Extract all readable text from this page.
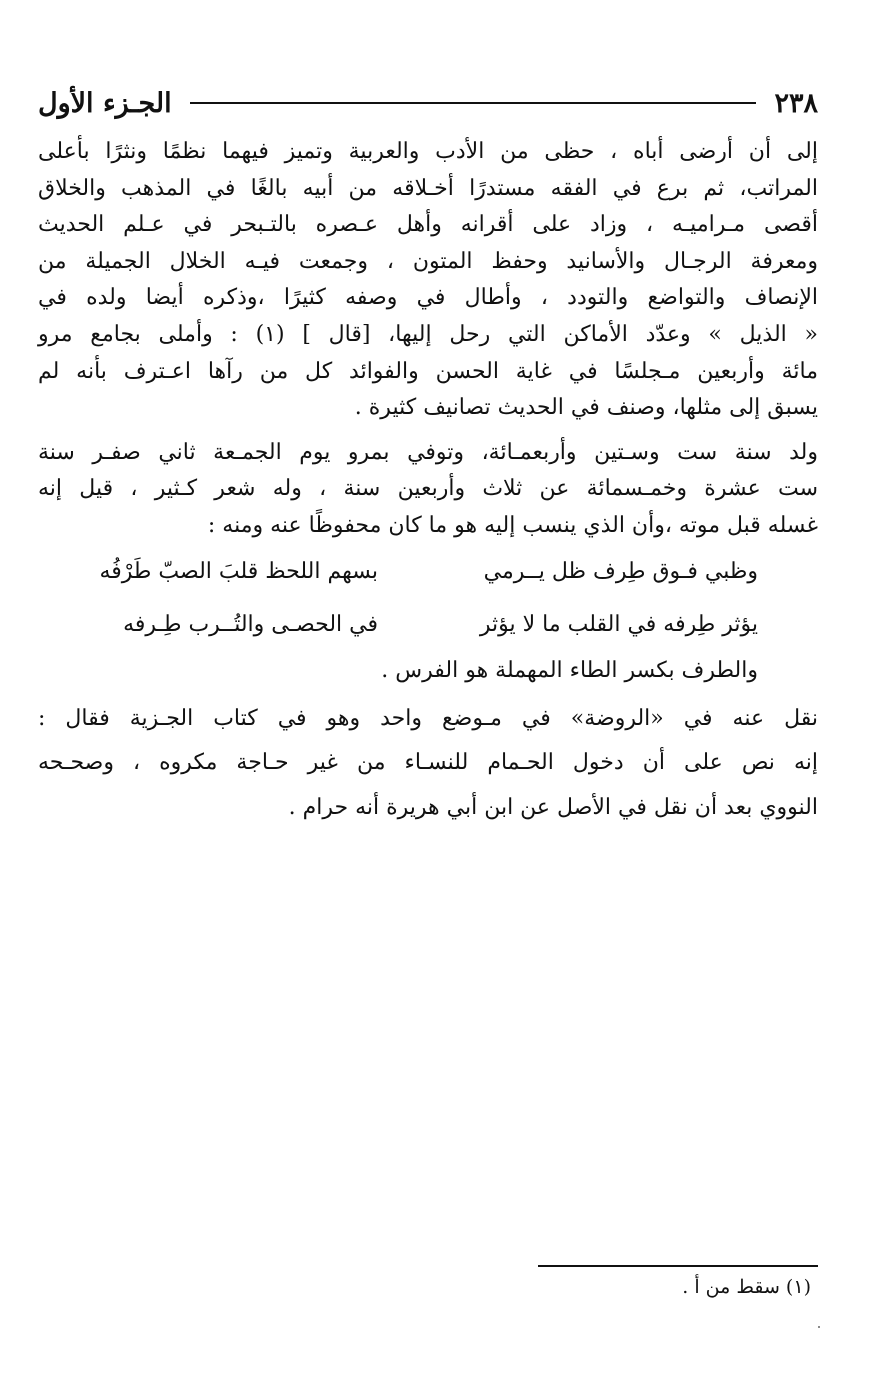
٢٣٨
الجـزء الأول

إلى أن أرضى أباه ، حظى من الأدب والعربية وتميز فيهما نظمًا ونثرًا بأعلى
المراتب، ثم برع في الفقه مستدرًا أخـلاقه من أبيه بالغًا في المذهب والخلاق
أقصى مـراميـه ، وزاد على أقرانه وأهل عـصره بالتـبحر في عـلم الحديث
ومعرفة الرجـال والأسانيد وحفظ المتون ، وجمعت فيـه الخلال الجميلة من
الإنصاف والتواضع والتودد ، وأطال في وصفه كثيرًا ،وذكره أيضا ولده في
« الذيل » وعدّد الأماكن التي رحل إليها، [قال ] (١) : وأملى بجامع مرو
مائة وأربعين مـجلسًا في غاية الحسن والفوائد كل من رآها اعـترف بأنه لم
يسبق إلى مثلها، وصنف في الحديث تصانيف كثيرة .

ولد سنة ست وسـتين وأربعمـائة، وتوفي بمرو يوم الجمـعة ثاني صفـر سنة
ست عشرة وخمـسمائة عن ثلاث وأربعين سنة ، وله شعر كـثير ، قيل إنه
غسله قبل موته ،وأن الذي ينسب إليه هو ما كان محفوظًا عنه ومنه :

وظبي فـوق طِرف ظل يــرمي
بسهم اللحظ قلبَ الصبّ طَرْفُه
يؤثر طِرفه في القلب ما لا يؤثر
في الحصـى والتُــرب طِـرفه
والطرف بكسر الطاء المهملة هو الفرس .

نقل عنه في «الروضة» في مـوضع واحد وهو في كتاب الجـزية فقال :
إنه نص على أن دخول الحـمام للنسـاء من غير حـاجة مكروه ، وصحـحه
النووي بعد أن نقل في الأصل عن ابن أبي هريرة أنه حرام .

(١) سقط من أ .
